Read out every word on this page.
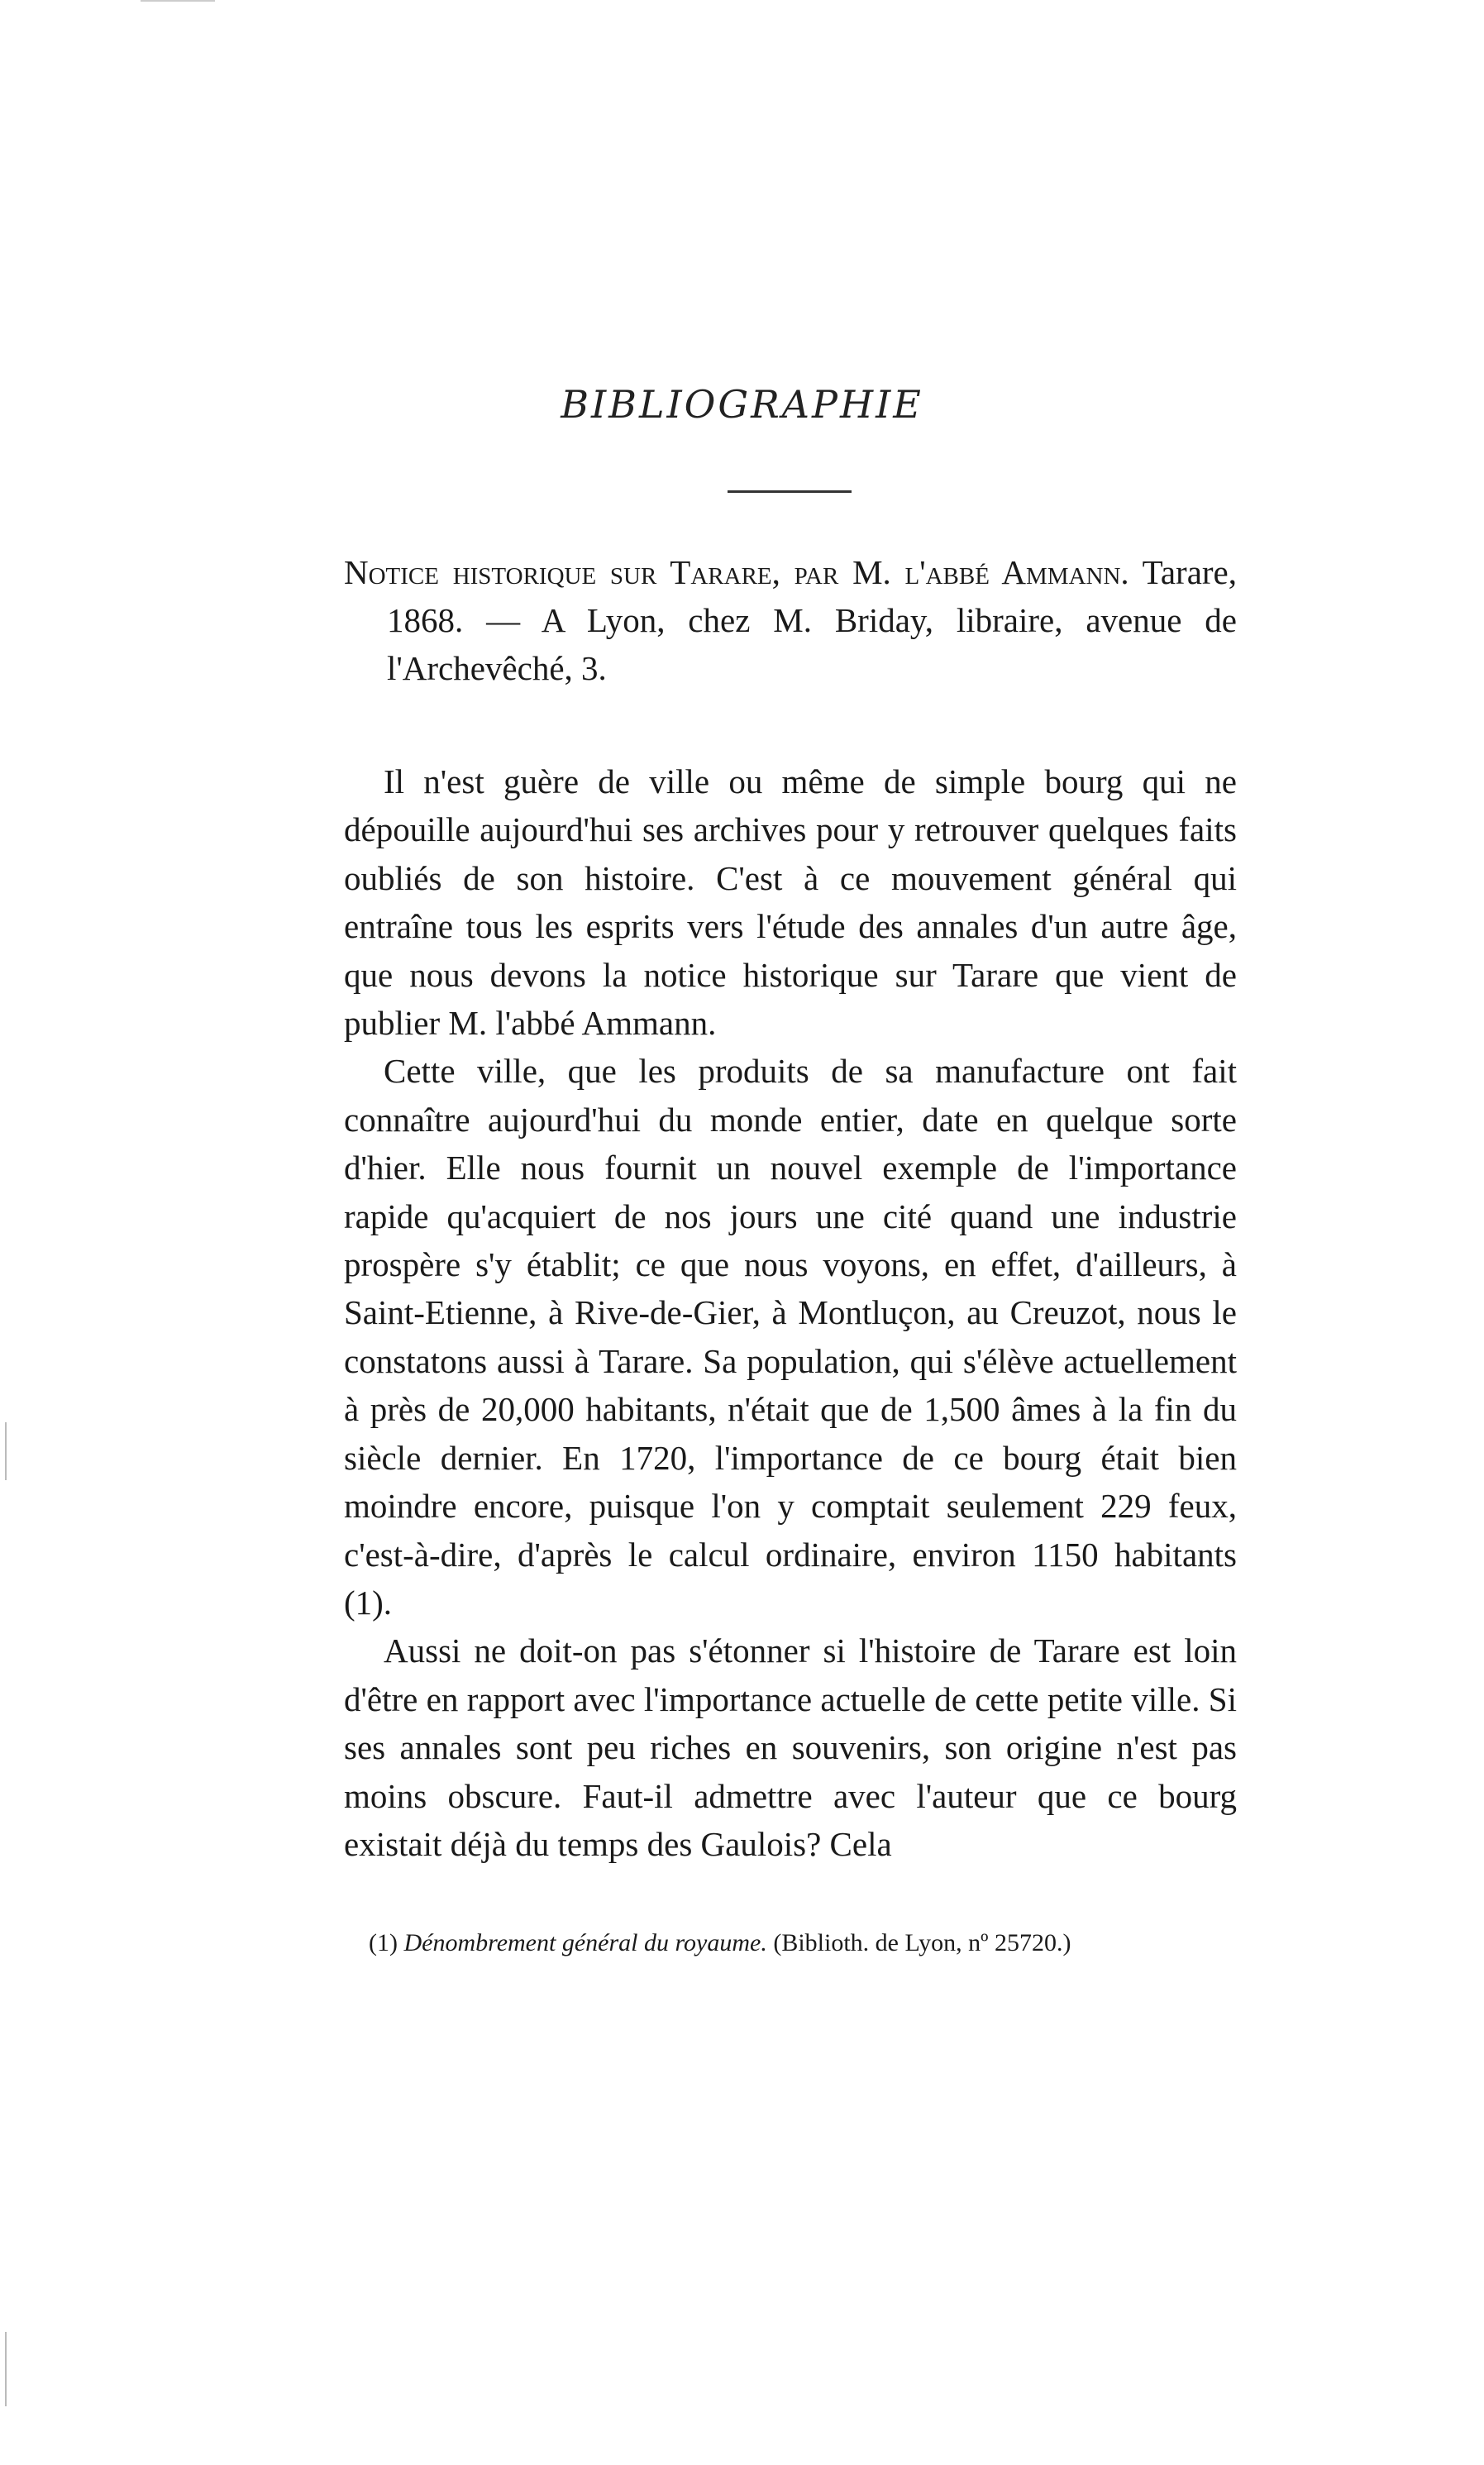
BIBLIOGRAPHIE
Notice historique sur Tarare, par M. l'abbé Ammann. Tarare,
1868. — A Lyon, chez M. Briday, libraire, avenue de l'Archevêché, 3.

Il n'est guère de ville ou même de simple bourg qui ne dépouille aujourd'hui ses archives pour y retrouver quelques faits oubliés de son histoire. C'est à ce mouvement général qui entraîne tous les esprits vers l'étude des annales d'un autre âge, que nous devons la notice historique sur Tarare que vient de publier M. l'abbé Ammann.

Cette ville, que les produits de sa manufacture ont fait connaître aujourd'hui du monde entier, date en quelque sorte d'hier. Elle nous fournit un nouvel exemple de l'importance rapide qu'acquiert de nos jours une cité quand une industrie prospère s'y établit; ce que nous voyons, en effet, d'ailleurs, à Saint-Etienne, à Rive-de-Gier, à Montluçon, au Creuzot, nous le constatons aussi à Tarare. Sa population, qui s'élève actuellement à près de 20,000 habitants, n'était que de 1,500 âmes à la fin du siècle dernier. En 1720, l'importance de ce bourg était bien moindre encore, puisque l'on y comptait seulement 229 feux, c'est-à-dire, d'après le calcul ordinaire, environ 1150 habitants (1).

Aussi ne doit-on pas s'étonner si l'histoire de Tarare est loin d'être en rapport avec l'importance actuelle de cette petite ville. Si ses annales sont peu riches en souvenirs, son origine n'est pas moins obscure. Faut-il admettre avec l'auteur que ce bourg existait déjà du temps des Gaulois? Cela

(1) Dénombrement général du royaume. (Biblioth. de Lyon, nº 25720.)
